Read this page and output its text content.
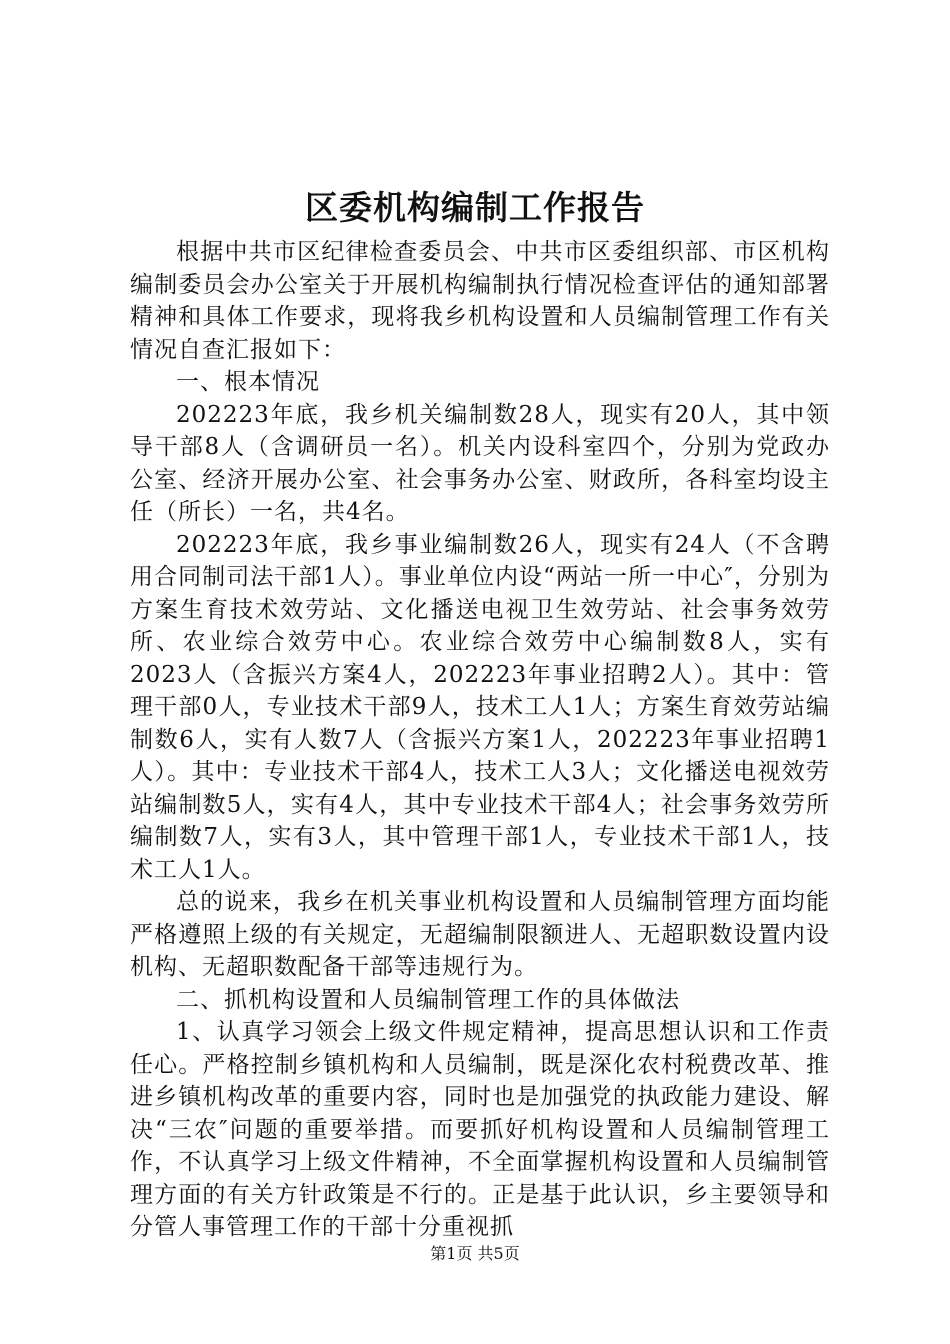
区委机构编制工作报告

根据中共市区纪律检查委员会、中共市区委组织部、市区机构编制委员会办公室关于开展机构编制执行情况检查评估的通知部署精神和具体工作要求，现将我乡机构设置和人员编制管理工作有关情况自查汇报如下：

一、根本情况

202223年底，我乡机关编制数28人，现实有20人，其中领导干部8人（含调研员一名）。机关内设科室四个，分别为党政办公室、经济开展办公室、社会事务办公室、财政所，各科室均设主任（所长）一名，共4名。

202223年底，我乡事业编制数26人，现实有24人（不含聘用合同制司法干部1人）。事业单位内设“两站一所一中心″，分别为方案生育技术效劳站、文化播送电视卫生效劳站、社会事务效劳所、农业综合效劳中心。农业综合效劳中心编制数8人，实有2023人（含振兴方案4人，202223年事业招聘2人）。其中：管理干部0人，专业技术干部9人，技术工人1人；方案生育效劳站编制数6人，实有人数7人（含振兴方案1人，202223年事业招聘1人）。其中：专业技术干部4人，技术工人3人；文化播送电视效劳站编制数5人，实有4人，其中专业技术干部4人；社会事务效劳所编制数7人，实有3人，其中管理干部1人，专业技术干部1人，技术工人1人。

总的说来，我乡在机关事业机构设置和人员编制管理方面均能严格遵照上级的有关规定，无超编制限额进人、无超职数设置内设机构、无超职数配备干部等违规行为。

二、抓机构设置和人员编制管理工作的具体做法

1、认真学习领会上级文件规定精神，提高思想认识和工作责任心。严格控制乡镇机构和人员编制，既是深化农村税费改革、推进乡镇机构改革的重要内容，同时也是加强党的执政能力建设、解决“三农″问题的重要举措。而要抓好机构设置和人员编制管理工作，不认真学习上级文件精神，不全面掌握机构设置和人员编制管理方面的有关方针政策是不行的。正是基于此认识，乡主要领导和分管人事管理工作的干部十分重视抓

第1页 共5页
